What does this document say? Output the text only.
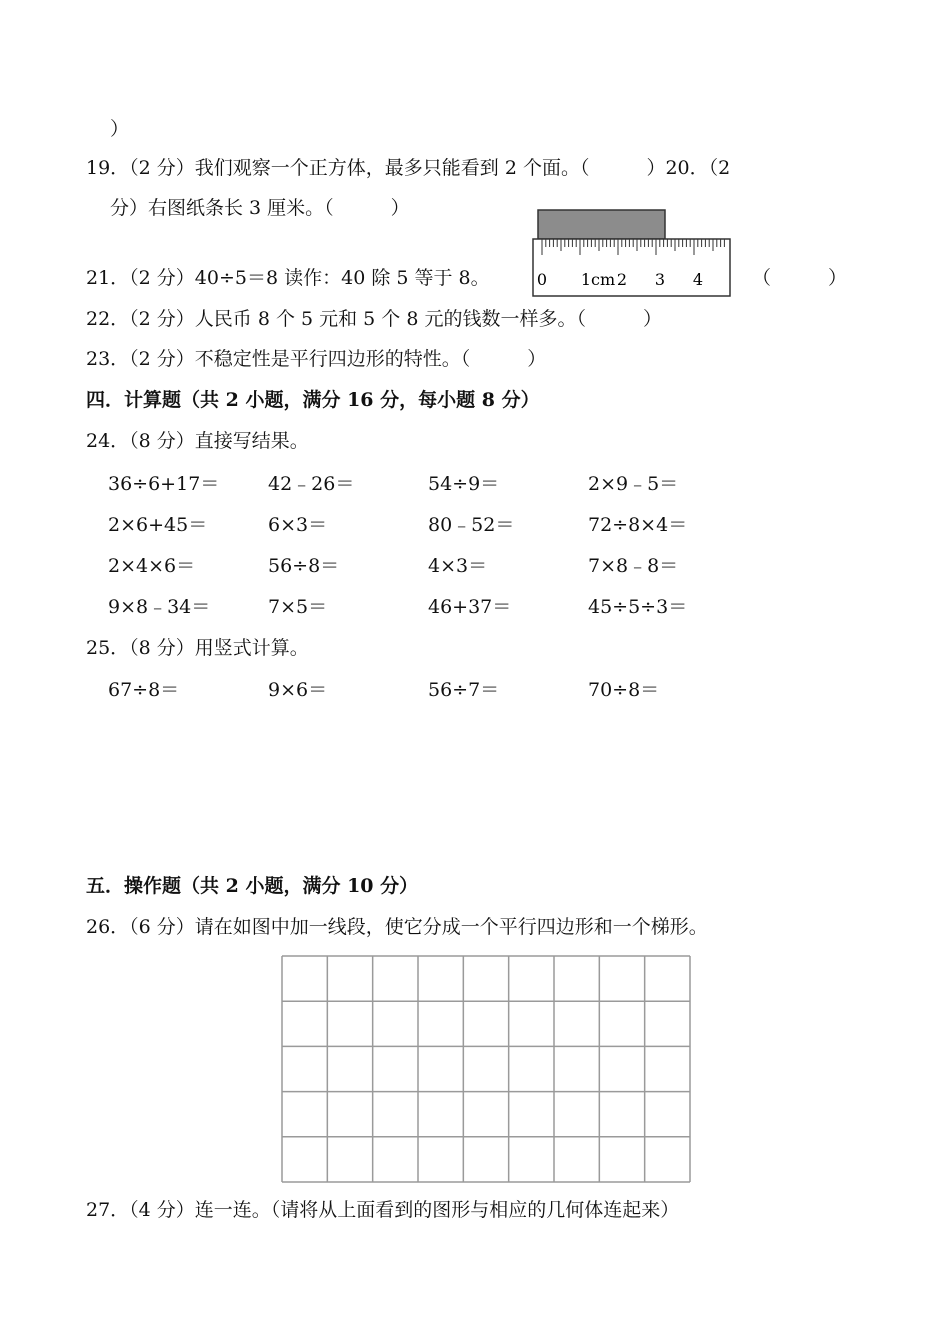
）
19．（2 分）我们观察一个正方体，最多只能看到 2 个面。（　　　）20．（2
分）右图纸条长 3 厘米。（　　　）
0 1cm 2 3 4
21．（2 分）40÷5＝8 读作：40 除 5 等于 8。	（　　　）
22．（2 分）人民币 8 个 5 元和 5 个 8 元的钱数一样多。（　　　）
23．（2 分）不稳定性是平行四边形的特性。（　　　）
四．计算题（共 2 小题，满分 16 分，每小题 8 分）
24．（8 分）直接写结果。
36÷6+17＝	42﹣26＝	54÷9＝	2×9﹣5＝
2×6+45＝	6×3＝	80﹣52＝	72÷8×4＝
2×4×6＝	56÷8＝	4×3＝	7×8﹣8＝
9×8﹣34＝	7×5＝	46+37＝	45÷5÷3＝
25．（8 分）用竖式计算。
67÷8＝	9×6＝	56÷7＝	70÷8＝
五．操作题（共 2 小题，满分 10 分）
26．（6 分）请在如图中加一线段，使它分成一个平行四边形和一个梯形。
27．（4 分）连一连。（请将从上面看到的图形与相应的几何体连起来）
